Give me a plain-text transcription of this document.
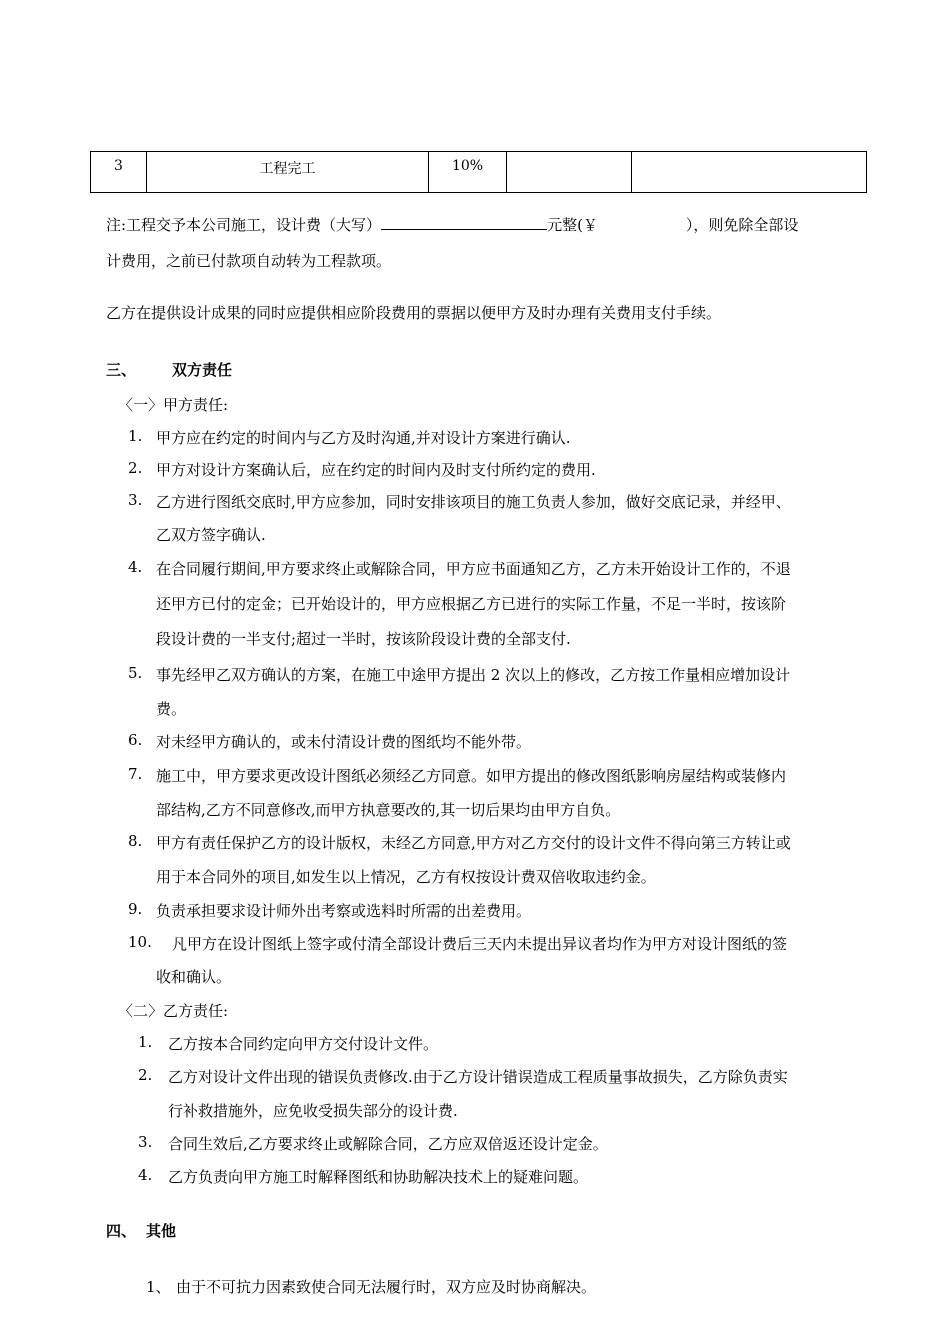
3	工程完工	10%		
注:工程交予本公司施工，设计费（大写）	元整(￥	），则免除全部设
计费用，之前已付款项自动转为工程款项。
乙方在提供设计成果的同时应提供相应阶段费用的票据以便甲方及时办理有关费用支付手续。
三、 双方责任
〈一〉甲方责任:
1. 甲方应在约定的时间内与乙方及时沟通,并对设计方案进行确认.
2. 甲方对设计方案确认后，应在约定的时间内及时支付所约定的费用.
3. 乙方进行图纸交底时,甲方应参加，同时安排该项目的施工负责人参加，做好交底记录，并经甲、
乙双方签字确认.
4. 在合同履行期间,甲方要求终止或解除合同，甲方应书面通知乙方，乙方未开始设计工作的，不退
还甲方已付的定金；已开始设计的，甲方应根据乙方已进行的实际工作量，不足一半时，按该阶
段设计费的一半支付;超过一半时，按该阶段设计费的全部支付.
5. 事先经甲乙双方确认的方案，在施工中途甲方提出 2 次以上的修改，乙方按工作量相应增加设计
费。
6. 对未经甲方确认的，或未付清设计费的图纸均不能外带。
7. 施工中，甲方要求更改设计图纸必须经乙方同意。如甲方提出的修改图纸影响房屋结构或装修内
部结构,乙方不同意修改,而甲方执意要改的,其一切后果均由甲方自负。
8. 甲方有责任保护乙方的设计版权，未经乙方同意,甲方对乙方交付的设计文件不得向第三方转让或
用于本合同外的项目,如发生以上情况，乙方有权按设计费双倍收取违约金。
9. 负责承担要求设计师外出考察或选料时所需的出差费用。
10. 凡甲方在设计图纸上签字或付清全部设计费后三天内未提出异议者均作为甲方对设计图纸的签
收和确认。
〈二〉乙方责任:
1. 乙方按本合同约定向甲方交付设计文件。
2. 乙方对设计文件出现的错误负责修改.由于乙方设计错误造成工程质量事故损失，乙方除负责实
行补救措施外，应免收受损失部分的设计费.
3. 合同生效后,乙方要求终止或解除合同，乙方应双倍返还设计定金。
4. 乙方负责向甲方施工时解释图纸和协助解决技术上的疑难问题。
四、 其他
1、 由于不可抗力因素致使合同无法履行时，双方应及时协商解决。
